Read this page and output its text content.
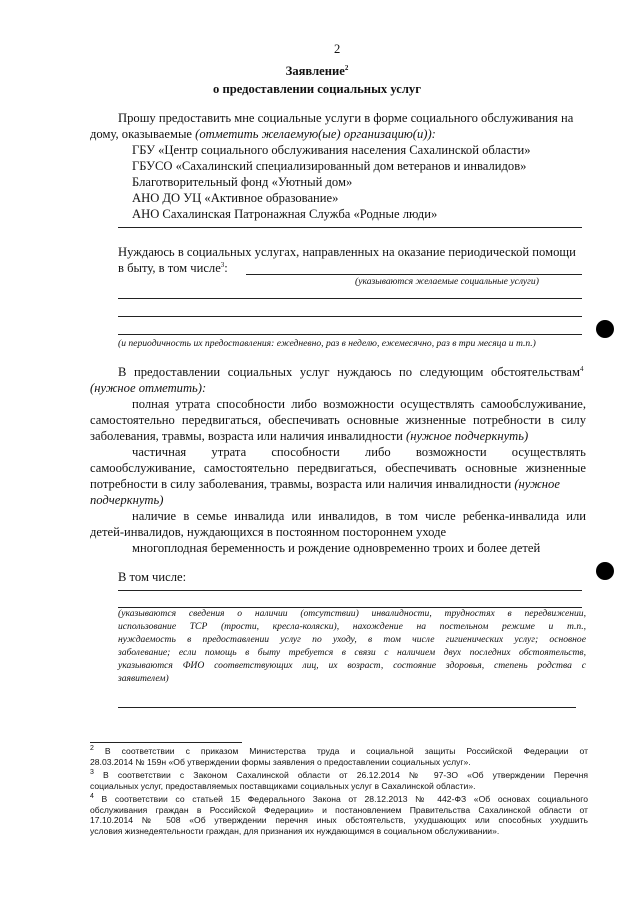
2
Заявление$^2$
о предоставлении социальных услуг
Прошу предоставить мне социальные услуги в форме социального обслуживания на
дому, оказываемые (отметить желаемую(ые) организацию(и)):
ГБУ «Центр социального обслуживания населения Сахалинской области»
ГБУСО «Сахалинский специализированный дом ветеранов и инвалидов»
Благотворительный фонд «Уютный дом»
АНО ДО УЦ «Активное образование»
АНО Сахалинская Патронажная Служба «Родные люди»
Нуждаюсь в социальных услугах, направленных на оказание периодической помощи
в быту, в том числе$^3$:
(указываются желаемые социальные услуги)
(и периодичность их предоставления: ежедневно, раз в неделю, ежемесячно, раз в три месяца и т.п.)
В предоставлении социальных услуг нуждаюсь по следующим обстоятельствам$^4$
(нужное отметить):
полная утрата способности либо возможности осуществлять самообслуживание,
самостоятельно передвигаться, обеспечивать основные жизненные потребности в силу
заболевания, травмы, возраста или наличия инвалидности (нужное подчеркнуть)
частичная утрата способности либо возможности осуществлять
самообслуживание, самостоятельно передвигаться, обеспечивать основные жизненные
потребности в силу заболевания, травмы, возраста или наличия инвалидности (нужное
подчеркнуть)
наличие в семье инвалида или инвалидов, в том числе ребенка-инвалида или
детей-инвалидов, нуждающихся в постоянном постороннем уходе
многоплодная беременность и рождение одновременно троих и более детей
В том числе:
(указываются сведения о наличии (отсутствии) инвалидности, трудностях в передвижении,
использование ТСР (трости, кресла-коляски), нахождение на постельном режиме и т.п.,
нуждаемость в предоставлении услуг по уходу, в том числе гигиенических услуг; основное
заболевание; если помощь в быту требуется в связи с наличием двух последних обстоятельств,
указываются ФИО соответствующих лиц, их возраст, состояние здоровья, степень родства с
заявителем)
$^2$ В соответствии с приказом Министерства труда и социальной защиты Российской Федерации от
28.03.2014 № 159н «Об утверждении формы заявления о предоставлении социальных услуг».
$^3$ В соответствии с Законом Сахалинской области от 26.12.2014 № 97-ЗО «Об утверждении Перечня
социальных услуг, предоставляемых поставщиками социальных услуг в Сахалинской области».
$^4$ В соответствии со статьей 15 Федерального Закона от 28.12.2013 № 442-ФЗ «Об основах социального
обслуживания граждан в Российской Федерации» и постановлением Правительства Сахалинской области от
17.10.2014 № 508 «Об утверждении перечня иных обстоятельств, ухудшающих или способных ухудшить
условия жизнедеятельности граждан, для признания их нуждающимся в социальном обслуживании».
